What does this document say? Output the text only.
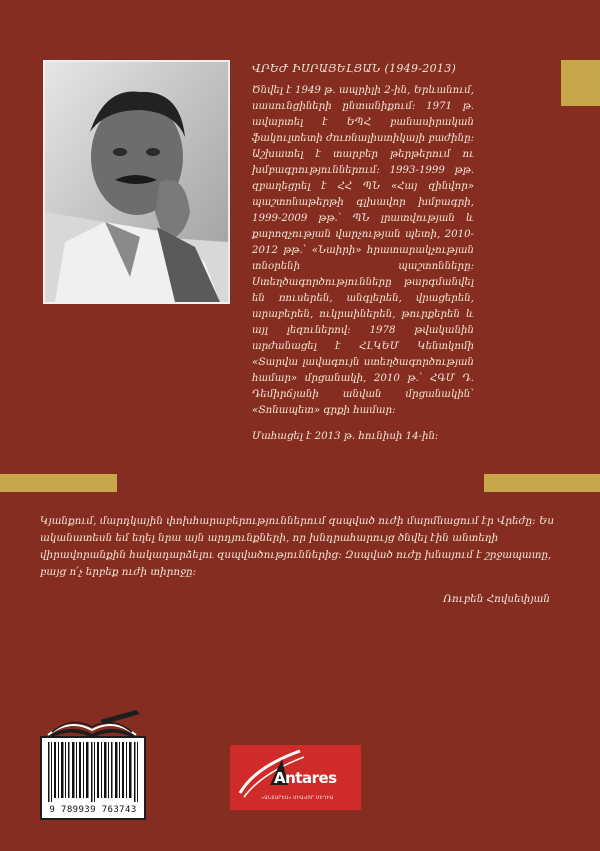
ՎՐԵԺ ԻՍՐԱՅԵԼՅԱՆ (1949-2013)

Ծնվել է 1949 թ. ապրիլի 2-ին, Երևանում, սասունցիների ընտանիքում: 1971 թ. ավարտել է ԵՊՀ բանասիրական ֆակուլտետի ժուռնալիստիկայի բաժինը: Աշխատել է տարբեր թերթերում ու խմբագրություններում: 1993-1999 թթ. զբաղեցրել է ՀՀ ՊՆ «Հայ զինվոր» պաշտոնաթերթի գլխավոր խմբագրի, 1999-2009 թթ.՝ ՊՆ լրատվության և քարոզչության վարչության պետի, 2010-2012 թթ.՝ «Նաիրի» հրատարակչության տնօրենի պաշտոնները: Ստեղծագործությունները թարգմանվել են ռուսերեն, անգլերեն, վրացերեն, արաբերեն, ուկրաիներեն, թուրքերեն և այլ լեզուներով: 1978 թվականին արժանացել է ՀԼԿԵՄ Կենտկոմի «Տարվա լավագույն ստեղծագործության համար» մրցանակի, 2010 թ.՝ ՀԳՄ Դ. Դեմիրճյանի անվան մրցանակին՝ «Տոնապետ» գրքի համար:

Մահացել է 2013 թ. հունիսի 14-ին:
Կյանքում, մարդկային փոխհարաբերություններում զսպված ուժի մարմնացում էր Վրեժը: Ես ականատեսն եմ եղել նրա այն արդյունքների, որ խնդրահարույց ծնվել էին անտեղի վիրավորանքին հակադարձելու զսպվածություններից: Զսպված ուժը խնայում է շրջապատը, բայց ո՛չ երբեք ուժի տիրոջը:
Ռուբեն Հովսեփյան
9 789939 763743
Antares
«ԱՆՏԱՐԵՍ» ՄԻԱՎՈՐ ՄԵԴԻԱ
